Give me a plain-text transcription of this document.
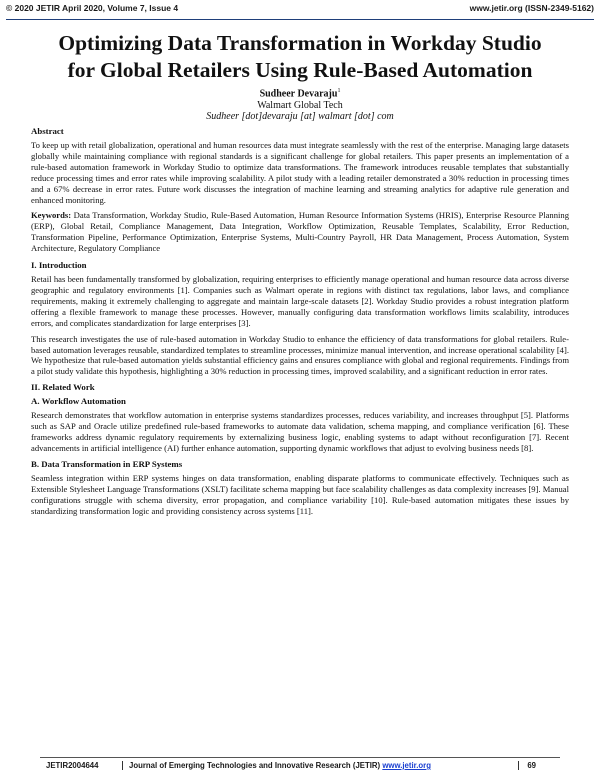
© 2020 JETIR April 2020, Volume 7, Issue 4	www.jetir.org (ISSN-2349-5162)
Optimizing Data Transformation in Workday Studio
for Global Retailers Using Rule-Based Automation
Sudheer Devaraju$^1$
Walmart Global Tech
Sudheer [dot]devaraju [at] walmart [dot] com
Abstract

To keep up with retail globalization, operational and human resources data must integrate seamlessly with the rest of the enterprise. Managing large datasets globally while maintaining compliance with regional standards is a significant challenge for global retailers. This paper presents an implementation of a rule-based automation framework in Workday Studio to optimize data transformations. The framework introduces reusable templates that substantially reduce processing times and error rates while improving scalability. A pilot study with a leading retailer demonstrated a 30% reduction in processing times and a 67% decrease in error rates. Future work discusses the integration of machine learning and streaming analytics for adaptive rule generation and enhanced monitoring.

Keywords: Data Transformation, Workday Studio, Rule-Based Automation, Human Resource Information Systems (HRIS), Enterprise Resource Planning (ERP), Global Retail, Compliance Management, Data Integration, Workflow Optimization, Reusable Templates, Scalability, Error Reduction, Transformation Pipeline, Performance Optimization, Enterprise Systems, Multi-Country Payroll, HR Data Management, Process Automation, System Architecture, Regulatory Compliance

I. Introduction

Retail has been fundamentally transformed by globalization, requiring enterprises to efficiently manage operational and human resource data across diverse geographic and regulatory environments [1]. Companies such as Walmart operate in regions with distinct tax regulations, labor laws, and compliance requirements, making it extremely challenging to aggregate and maintain large-scale datasets [2]. Workday Studio provides a robust integration platform offering a flexible framework to manage these processes. However, manually configuring data transformation workflows limits scalability, introduces errors, and complicates standardization for large enterprises [3].

This research investigates the use of rule-based automation in Workday Studio to enhance the efficiency of data transformations for global retailers. Rule-based automation leverages reusable, standardized templates to streamline processes, minimize manual intervention, and increase operational scalability [4]. We hypothesize that rule-based automation yields substantial efficiency gains and ensures compliance with global and regional requirements. Findings from a pilot study validate this hypothesis, highlighting a 30% reduction in processing times, improved scalability, and a significant reduction in error rates.

II. Related Work
A. Workflow Automation

Research demonstrates that workflow automation in enterprise systems standardizes processes, reduces variability, and increases throughput [5]. Platforms such as SAP and Oracle utilize predefined rule-based frameworks to automate data validation, schema mapping, and compliance verification [6]. These frameworks address dynamic regulatory requirements by externalizing business logic, enabling systems to adapt without reconfiguration [7]. Recent advancements in artificial intelligence (AI) further enhance automation, supporting dynamic workflows that adjust to evolving business needs [8].

B. Data Transformation in ERP Systems

Seamless integration within ERP systems hinges on data transformation, enabling disparate platforms to communicate effectively. Techniques such as Extensible Stylesheet Language Transformations (XSLT) facilitate schema mapping but face scalability challenges as data complexity increases [9]. Manual configurations struggle with schema diversity, error propagation, and compliance variability [10]. Rule-based automation mitigates these issues by standardizing transformation logic and providing consistency across systems [11].

JETIR2004644	Journal of Emerging Technologies and Innovative Research (JETIR) www.jetir.org	69
